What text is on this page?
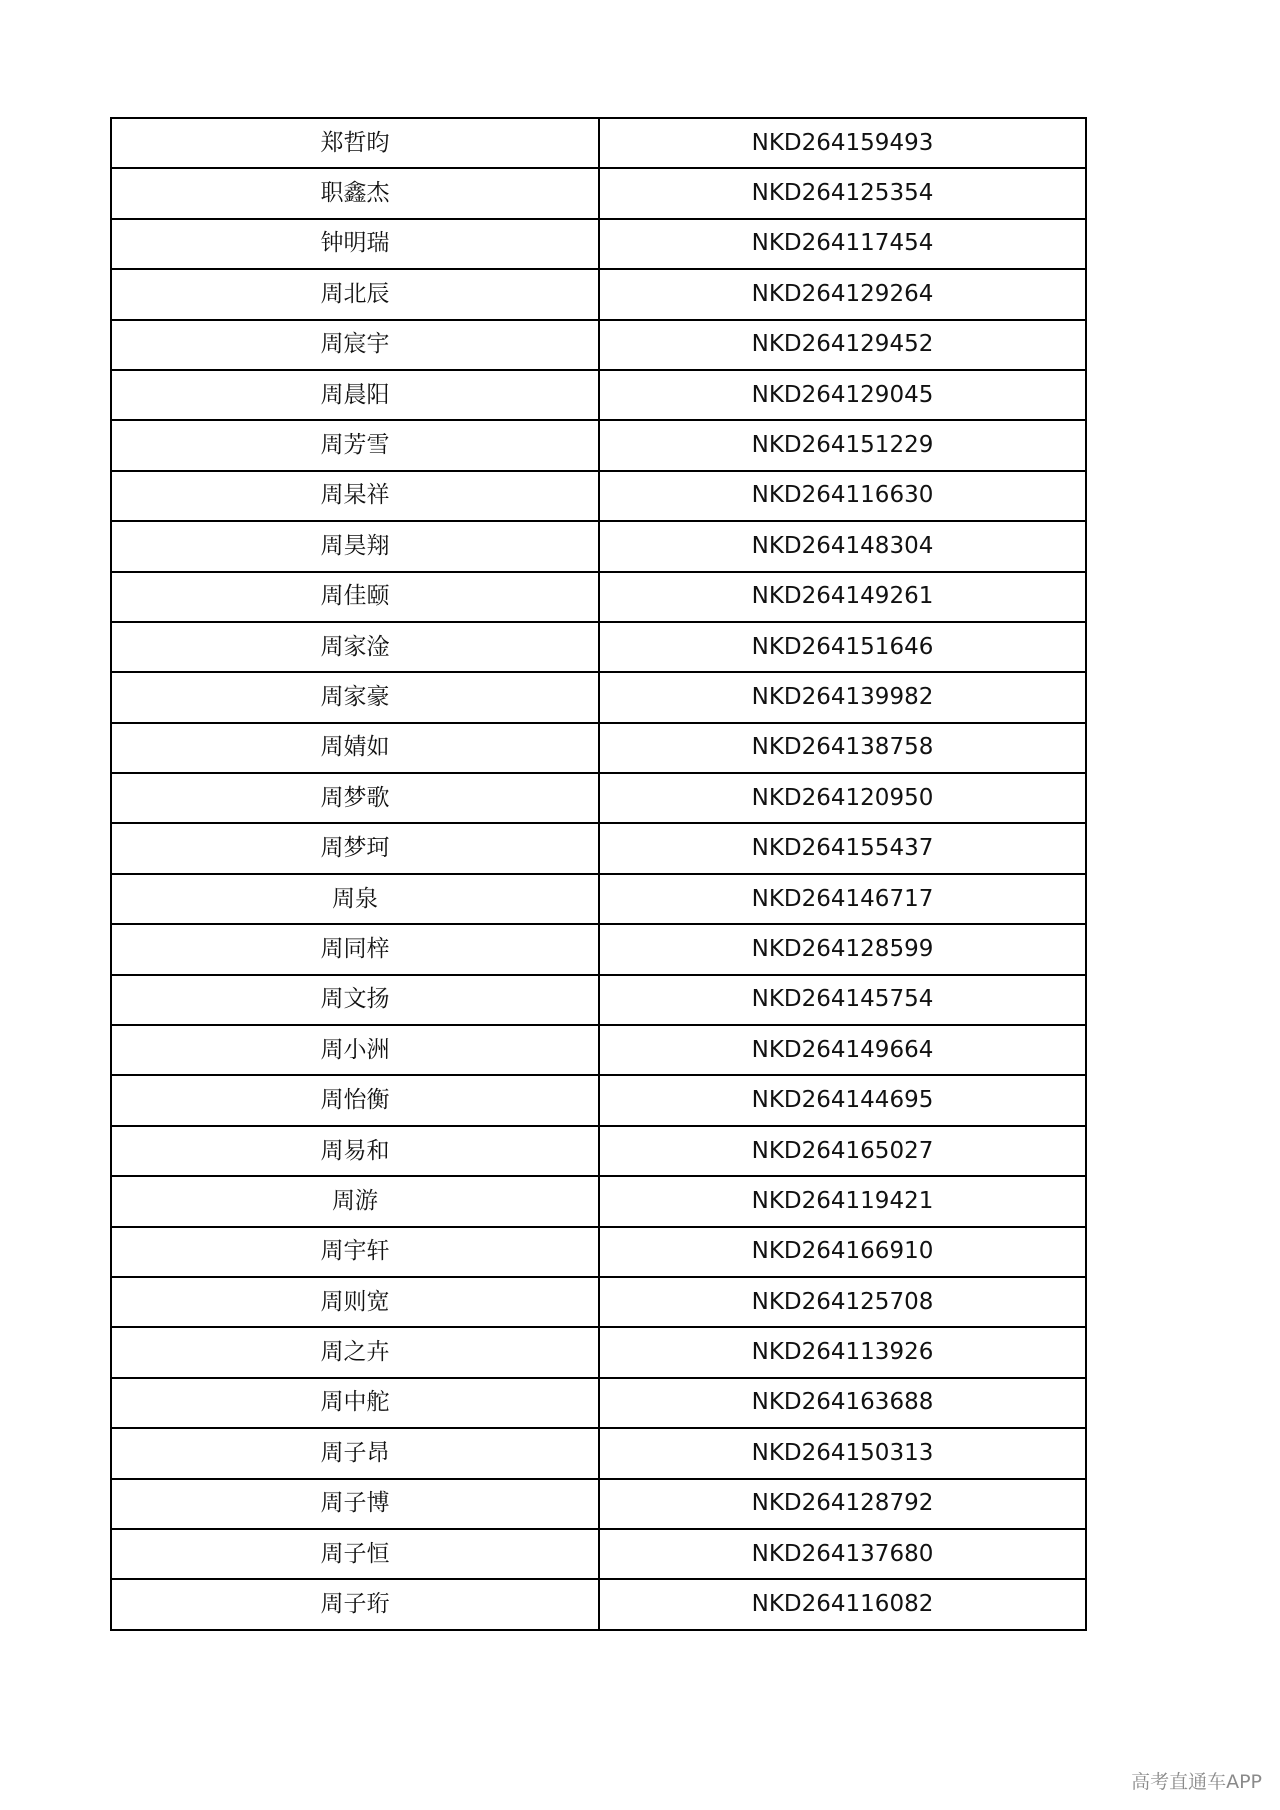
郑哲昀	NKD264159493
职鑫杰	NKD264125354
钟明瑞	NKD264117454
周北辰	NKD264129264
周宸宇	NKD264129452
周晨阳	NKD264129045
周芳雪	NKD264151229
周杲祥	NKD264116630
周昊翔	NKD264148304
周佳颐	NKD264149261
周家淦	NKD264151646
周家豪	NKD264139982
周婧如	NKD264138758
周梦歌	NKD264120950
周梦珂	NKD264155437
周泉	NKD264146717
周同梓	NKD264128599
周文扬	NKD264145754
周小洲	NKD264149664
周怡衡	NKD264144695
周易和	NKD264165027
周游	NKD264119421
周宇轩	NKD264166910
周则宽	NKD264125708
周之卉	NKD264113926
周中舵	NKD264163688
周子昂	NKD264150313
周子博	NKD264128792
周子恒	NKD264137680
周子珩	NKD264116082
高考直通车APP
